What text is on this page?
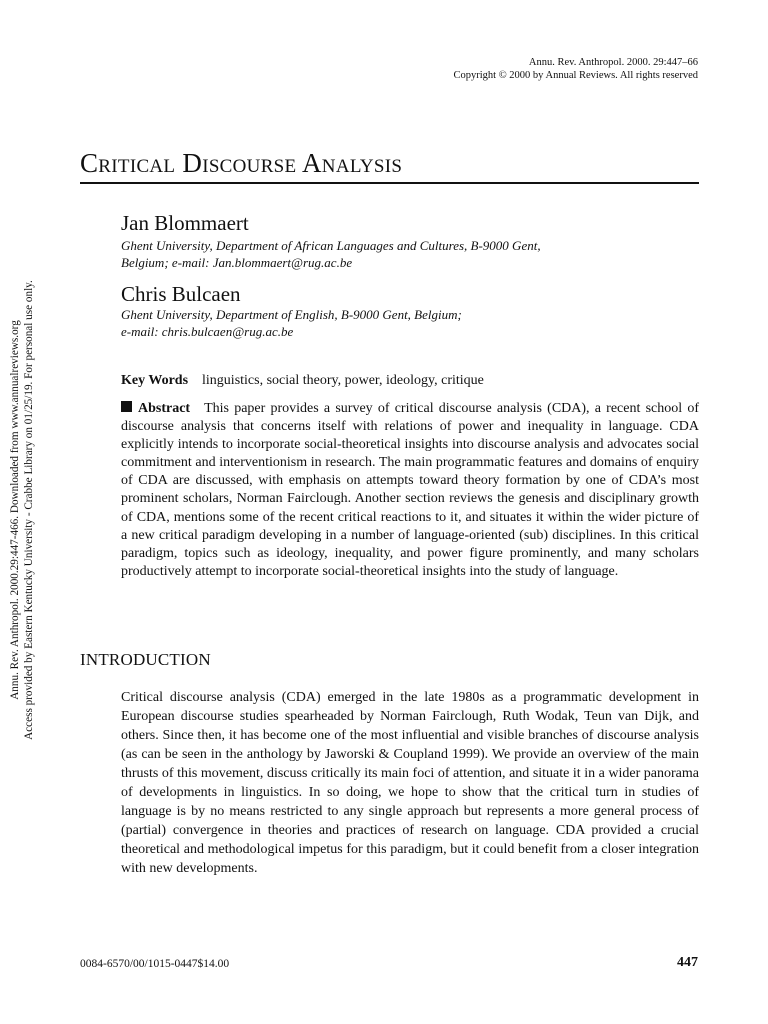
Annu. Rev. Anthropol. 2000. 29:447–66
Copyright © 2000 by Annual Reviews. All rights reserved
Critical Discourse Analysis
Jan Blommaert
Ghent University, Department of African Languages and Cultures, B-9000 Gent,
Belgium; e-mail: Jan.blommaert@rug.ac.be
Chris Bulcaen
Ghent University, Department of English, B-9000 Gent, Belgium;
e-mail: chris.bulcaen@rug.ac.be
Key Words linguistics, social theory, power, ideology, critique
Abstract This paper provides a survey of critical discourse analysis (CDA), a recent school of discourse analysis that concerns itself with relations of power and inequality in language. CDA explicitly intends to incorporate social-theoretical insights into discourse analysis and advocates social commitment and interventionism in research. The main programmatic features and domains of enquiry of CDA are discussed, with emphasis on attempts toward theory formation by one of CDA’s most prominent scholars, Norman Fairclough. Another section reviews the genesis and disciplinary growth of CDA, mentions some of the recent critical reactions to it, and situates it within the wider picture of a new critical paradigm developing in a number of language-oriented (sub) disciplines. In this critical paradigm, topics such as ideology, inequality, and power figure prominently, and many scholars productively attempt to incorporate social-theoretical insights into the study of language.
INTRODUCTION
Critical discourse analysis (CDA) emerged in the late 1980s as a programmatic development in European discourse studies spearheaded by Norman Fairclough, Ruth Wodak, Teun van Dijk, and others. Since then, it has become one of the most influential and visible branches of discourse analysis (as can be seen in the anthology by Jaworski & Coupland 1999). We provide an overview of the main thrusts of this movement, discuss critically its main foci of attention, and situate it in a wider panorama of developments in linguistics. In so doing, we hope to show that the critical turn in studies of language is by no means restricted to any single approach but represents a more general process of (partial) convergence in theories and practices of research on language. CDA provided a crucial theoretical and methodological impetus for this paradigm, but it could benefit from a closer integration with new developments.
0084-6570/00/1015-0447$14.00	447
Annu. Rev. Anthropol. 2000.29:447-466. Downloaded from www.annualreviews.org Access provided by Eastern Kentucky University - Crabbe Library on 01/25/19. For personal use only.
